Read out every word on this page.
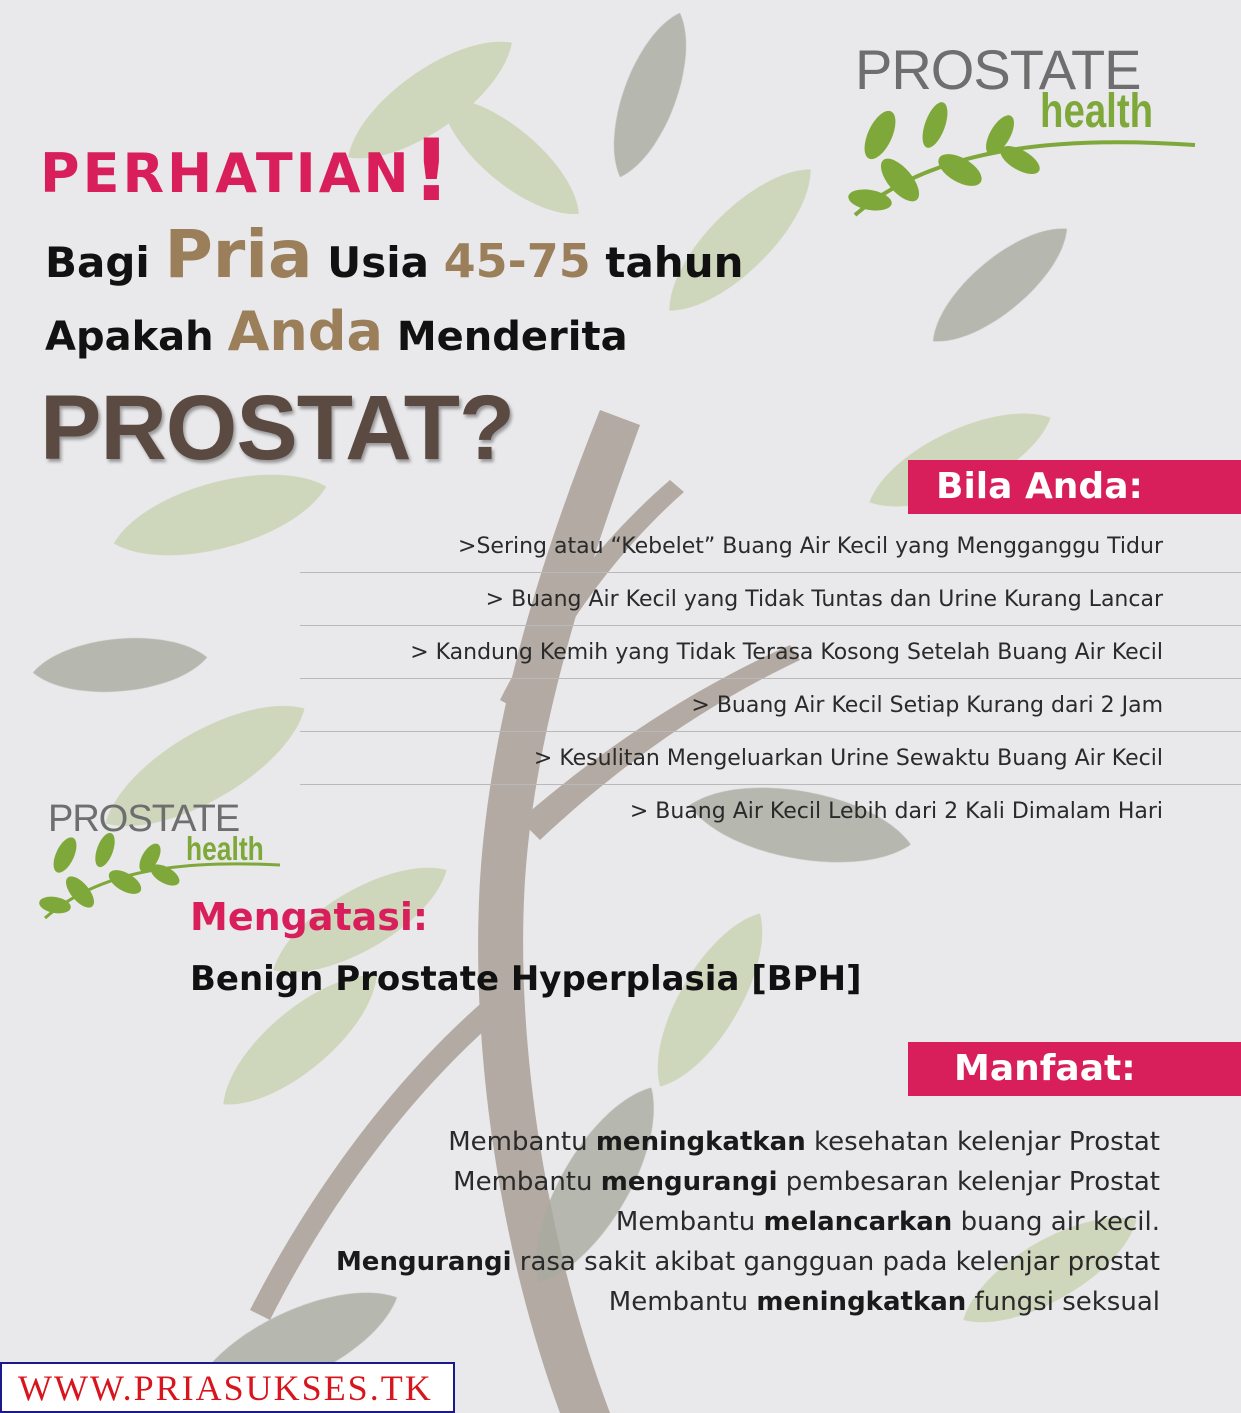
PROSTATE
health
PROSTATE
health
PERHATIAN!
Bagi Pria Usia 45-75 tahun
Apakah Anda Menderita
PROSTAT?
Bila Anda:
>Sering atau “Kebelet” Buang Air Kecil yang Mengganggu Tidur
> Buang Air Kecil yang Tidak Tuntas dan Urine Kurang Lancar
> Kandung Kemih yang Tidak Terasa Kosong Setelah Buang Air Kecil
> Buang Air Kecil Setiap Kurang dari 2 Jam
> Kesulitan Mengeluarkan Urine Sewaktu Buang Air Kecil
> Buang Air Kecil Lebih dari 2 Kali Dimalam Hari
Mengatasi:
Benign Prostate Hyperplasia [BPH]
Manfaat:
Membantu meningkatkan kesehatan kelenjar Prostat
Membantu mengurangi pembesaran kelenjar Prostat
Membantu melancarkan buang air kecil.
Mengurangi rasa sakit akibat gangguan pada kelenjar prostat
Membantu meningkatkan fungsi seksual
WWW.PRIASUKSES.TK
